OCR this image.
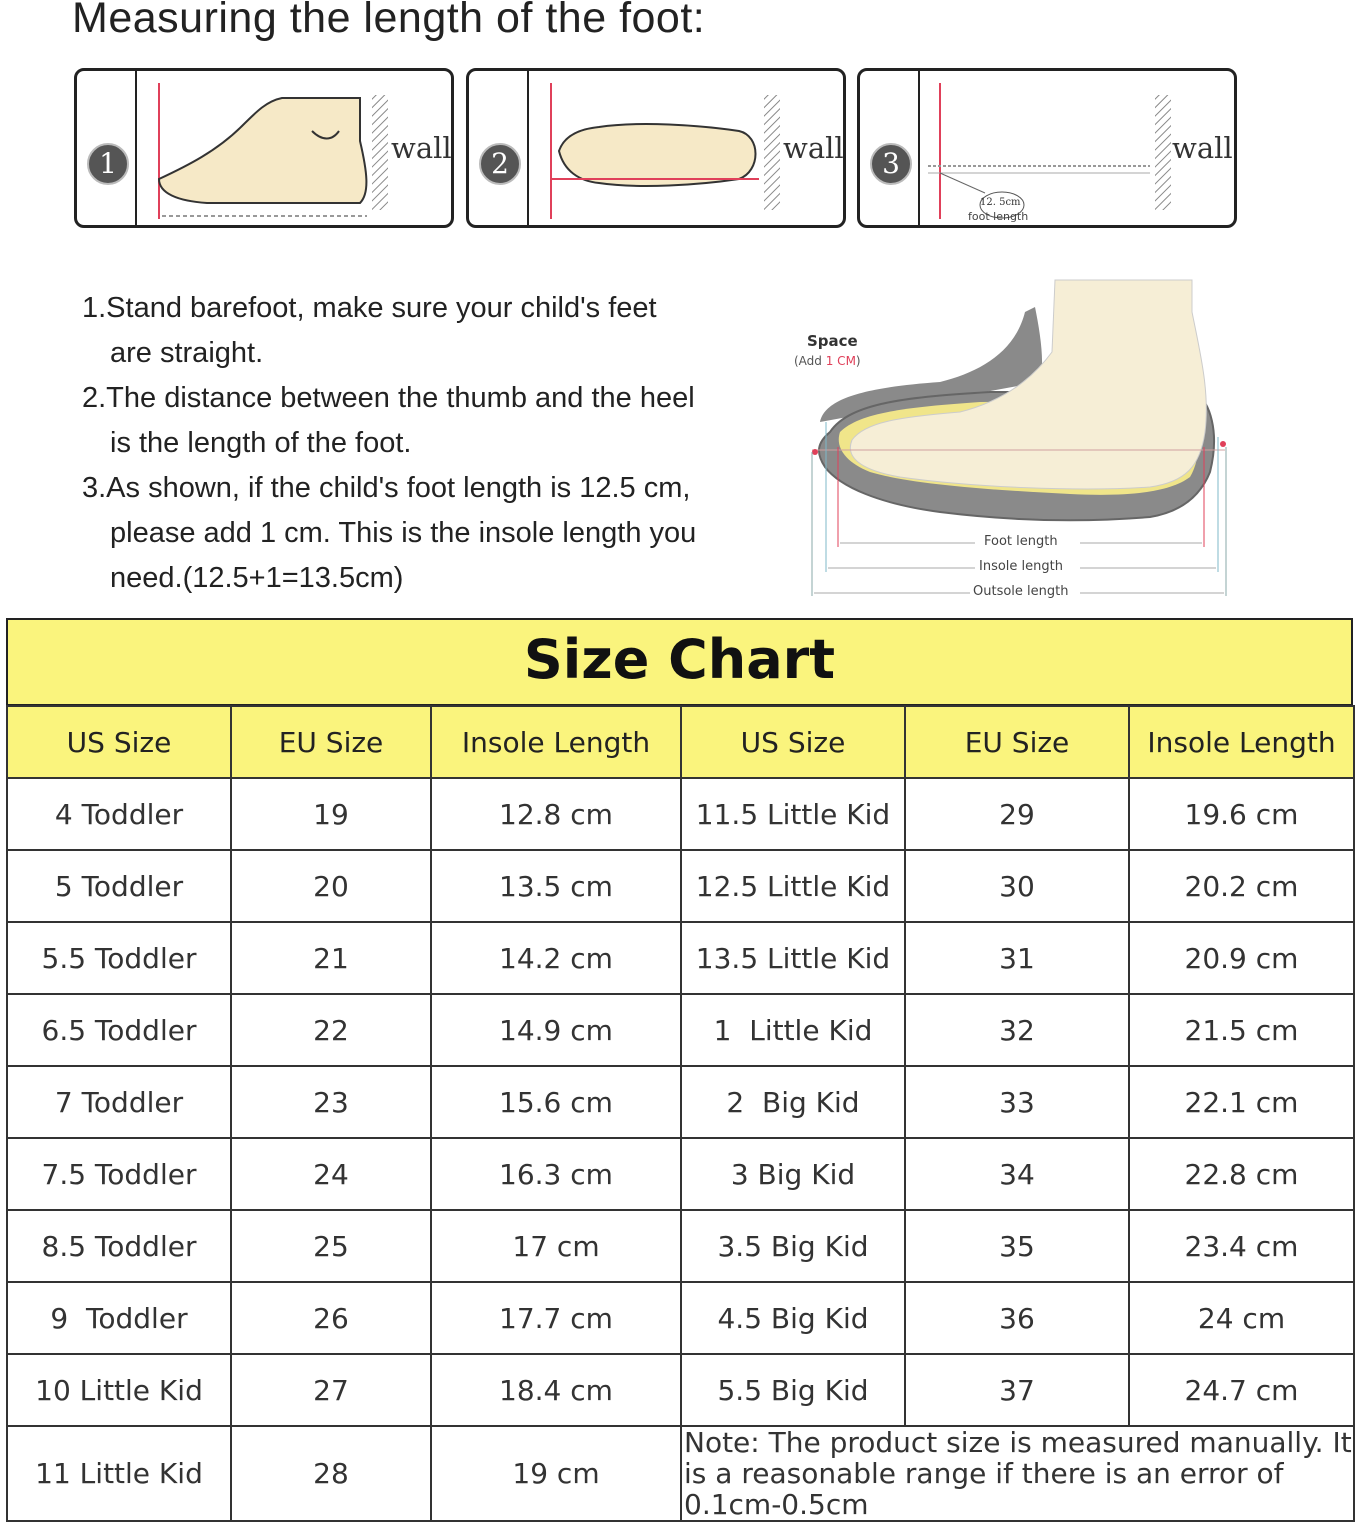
Measuring the length of the foot:
1	wall	2	wall	3
12. 5cm
foot length
wall
1.Stand barefoot, make sure your child's feet
are straight.
2.The distance between the thumb and the heel
is the length of the foot.
3.As shown, if the child's foot length is 12.5 cm,
please add 1 cm. This is the insole length you
need.(12.5+1=13.5cm)
Space
(Add 1 CM)
Foot length
Insole length
Outsole length
Size Chart
US Size	EU Size	Insole Length	US Size	EU Size	Insole Length
4 Toddler	19	12.8 cm	11.5 Little Kid	29	19.6 cm
5 Toddler	20	13.5 cm	12.5 Little Kid	30	20.2 cm
5.5 Toddler	21	14.2 cm	13.5 Little Kid	31	20.9 cm
6.5 Toddler	22	14.9 cm	1  Little Kid	32	21.5 cm
7 Toddler	23	15.6 cm	2  Big Kid	33	22.1 cm
7.5 Toddler	24	16.3 cm	3 Big Kid	34	22.8 cm
8.5 Toddler	25	17 cm	3.5 Big Kid	35	23.4 cm
9  Toddler	26	17.7 cm	4.5 Big Kid	36	24 cm
10 Little Kid	27	18.4 cm	5.5 Big Kid	37	24.7 cm
11 Little Kid	28	19 cm	Note: The product size is measured manually. It is a reasonable range if there is an error of 0.1cm-0.5cm		
